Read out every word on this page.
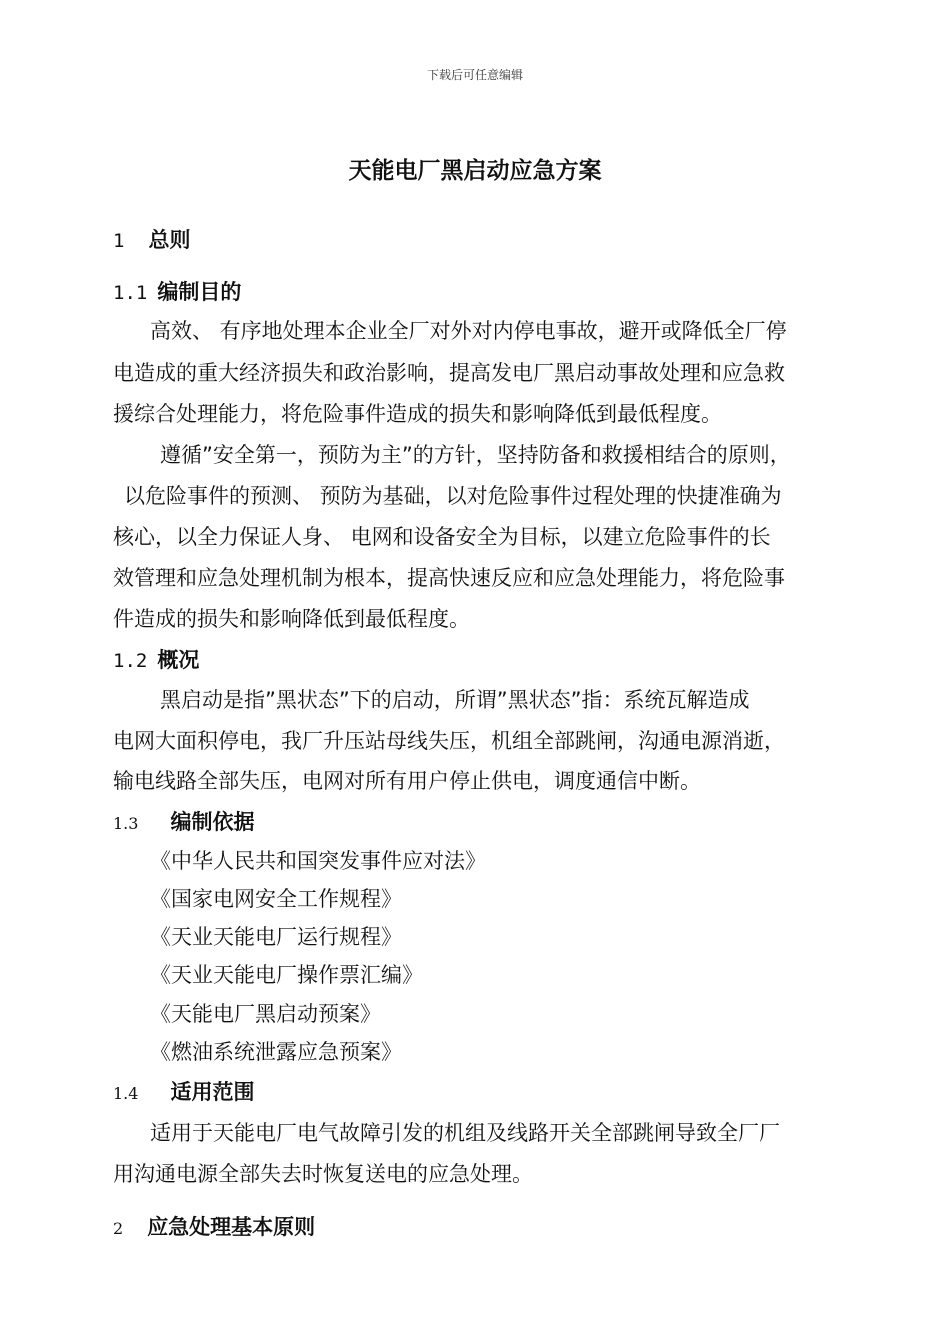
下载后可任意编辑
天能电厂黑启动应急方案
1 总则
1.1 编制目的
高效、 有序地处理本企业全厂对外对内停电事故，避开或降低全厂停
电造成的重大经济损失和政治影响，提高发电厂黑启动事故处理和应急救
援综合处理能力，将危险事件造成的损失和影响降低到最低程度。
遵循”安全第一，预防为主”的方针，坚持防备和救援相结合的原则，
以危险事件的预测、 预防为基础，以对危险事件过程处理的快捷准确为
核心，以全力保证人身、 电网和设备安全为目标，以建立危险事件的长
效管理和应急处理机制为根本，提高快速反应和应急处理能力，将危险事
件造成的损失和影响降低到最低程度。
1.2 概况
黑启动是指”黑状态”下的启动，所谓”黑状态”指：系统瓦解造成
电网大面积停电，我厂升压站母线失压，机组全部跳闸，沟通电源消逝，
输电线路全部失压，电网对所有用户停止供电，调度通信中断。
1.3 编制依据
《中华人民共和国突发事件应对法》
《国家电网安全工作规程》
《天业天能电厂运行规程》
《天业天能电厂操作票汇编》
《天能电厂黑启动预案》
《燃油系统泄露应急预案》
1.4 适用范围
适用于天能电厂电气故障引发的机组及线路开关全部跳闸导致全厂厂
用沟通电源全部失去时恢复送电的应急处理。
2 应急处理基本原则
